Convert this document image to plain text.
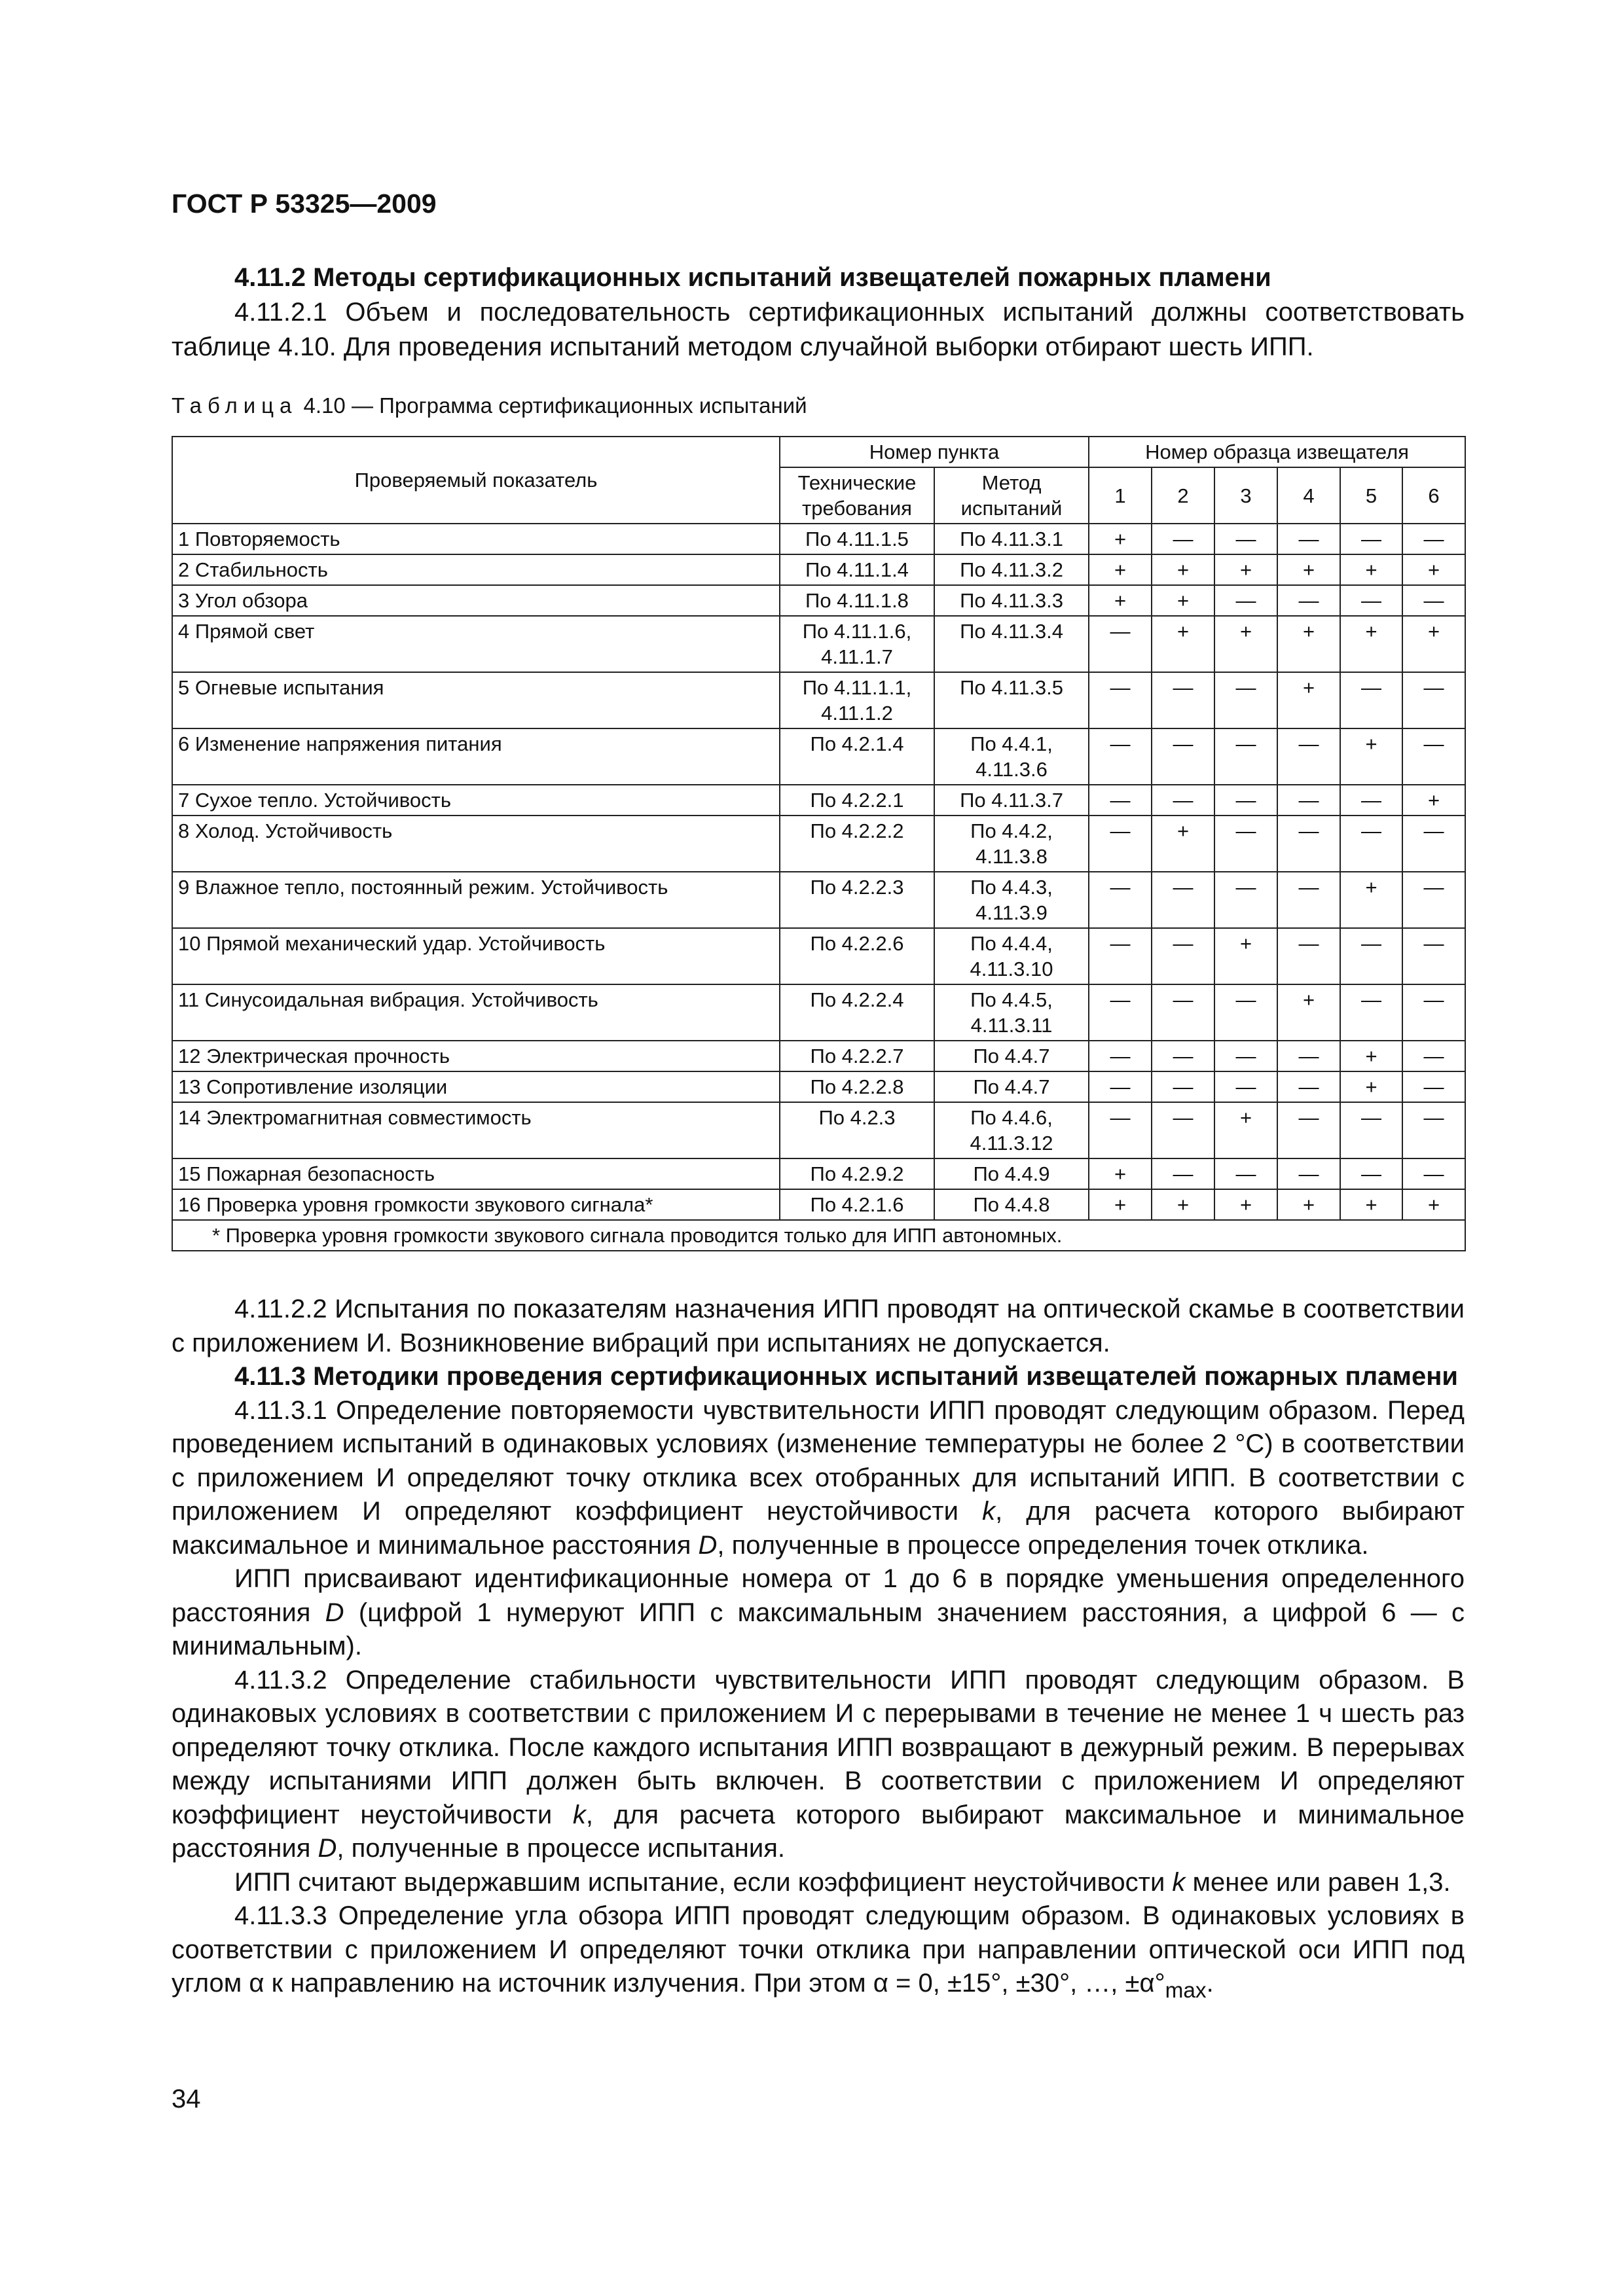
ГОСТ Р 53325—2009

4.11.2 Методы сертификационных испытаний извещателей пожарных пламени

4.11.2.1 Объем и последовательность сертификационных испытаний должны соответствовать таблице 4.10. Для проведения испытаний методом случайной выборки отбирают шесть ИПП.

Таблица 4.10 — Программа сертификационных испытаний
Проверяемый показатель	Номер пункта		Номер образца извещателя					
	Технические требования	Метод испытаний	1	2	3	4	5	6
1 Повторяемость	По 4.11.1.5	По 4.11.3.1	+	—	—	—	—	—
2 Стабильность	По 4.11.1.4	По 4.11.3.2	+	+	+	+	+	+
3 Угол обзора	По 4.11.1.8	По 4.11.3.3	+	+	—	—	—	—
4 Прямой свет	По 4.11.1.6, 4.11.1.7	По 4.11.3.4	—	+	+	+	+	+
5 Огневые испытания	По 4.11.1.1, 4.11.1.2	По 4.11.3.5	—	—	—	+	—	—
6 Изменение напряжения питания	По 4.2.1.4	По 4.4.1, 4.11.3.6	—	—	—	—	+	—
7 Сухое тепло. Устойчивость	По 4.2.2.1	По 4.11.3.7	—	—	—	—	—	+
8 Холод. Устойчивость	По 4.2.2.2	По 4.4.2, 4.11.3.8	—	+	—	—	—	—
9 Влажное тепло, постоянный режим. Устойчивость	По 4.2.2.3	По 4.4.3, 4.11.3.9	—	—	—	—	+	—
10 Прямой механический удар. Устойчивость	По 4.2.2.6	По 4.4.4, 4.11.3.10	—	—	+	—	—	—
11 Синусоидальная вибрация. Устойчивость	По 4.2.2.4	По 4.4.5, 4.11.3.11	—	—	—	+	—	—
12 Электрическая прочность	По 4.2.2.7	По 4.4.7	—	—	—	—	+	—
13 Сопротивление изоляции	По 4.2.2.8	По 4.4.7	—	—	—	—	+	—
14 Электромагнитная совместимость	По 4.2.3	По 4.4.6, 4.11.3.12	—	—	+	—	—	—
15 Пожарная безопасность	По 4.2.9.2	По 4.4.9	+	—	—	—	—	—
16 Проверка уровня громкости звукового сигнала*	По 4.2.1.6	По 4.4.8	+	+	+	+	+	+
* Проверка уровня громкости звукового сигнала проводится только для ИПП автономных.								

4.11.2.2 Испытания по показателям назначения ИПП проводят на оптической скамье в соответствии с приложением И. Возникновение вибраций при испытаниях не допускается.

4.11.3 Методики проведения сертификационных испытаний извещателей пожарных пламени

4.11.3.1 Определение повторяемости чувствительности ИПП проводят следующим образом. Перед проведением испытаний в одинаковых условиях (изменение температуры не более 2 °С) в соответствии с приложением И определяют точку отклика всех отобранных для испытаний ИПП. В соответствии с приложением И определяют коэффициент неустойчивости k, для расчета которого выбирают максимальное и минимальное расстояния D, полученные в процессе определения точек отклика.

ИПП присваивают идентификационные номера от 1 до 6 в порядке уменьшения определенного расстояния D (цифрой 1 нумеруют ИПП с максимальным значением расстояния, а цифрой 6 — с минимальным).

4.11.3.2 Определение стабильности чувствительности ИПП проводят следующим образом. В одинаковых условиях в соответствии с приложением И с перерывами в течение не менее 1 ч шесть раз определяют точку отклика. После каждого испытания ИПП возвращают в дежурный режим. В перерывах между испытаниями ИПП должен быть включен. В соответствии с приложением И определяют коэффициент неустойчивости k, для расчета которого выбирают максимальное и минимальное расстояния D, полученные в процессе испытания.

ИПП считают выдержавшим испытание, если коэффициент неустойчивости k менее или равен 1,3.

4.11.3.3 Определение угла обзора ИПП проводят следующим образом. В одинаковых условиях в соответствии с приложением И определяют точки отклика при направлении оптической оси ИПП под углом α к направлению на источник излучения. При этом α = 0, ±15°, ±30°, …, $\pm\alpha^\circ_{max}$.

34
